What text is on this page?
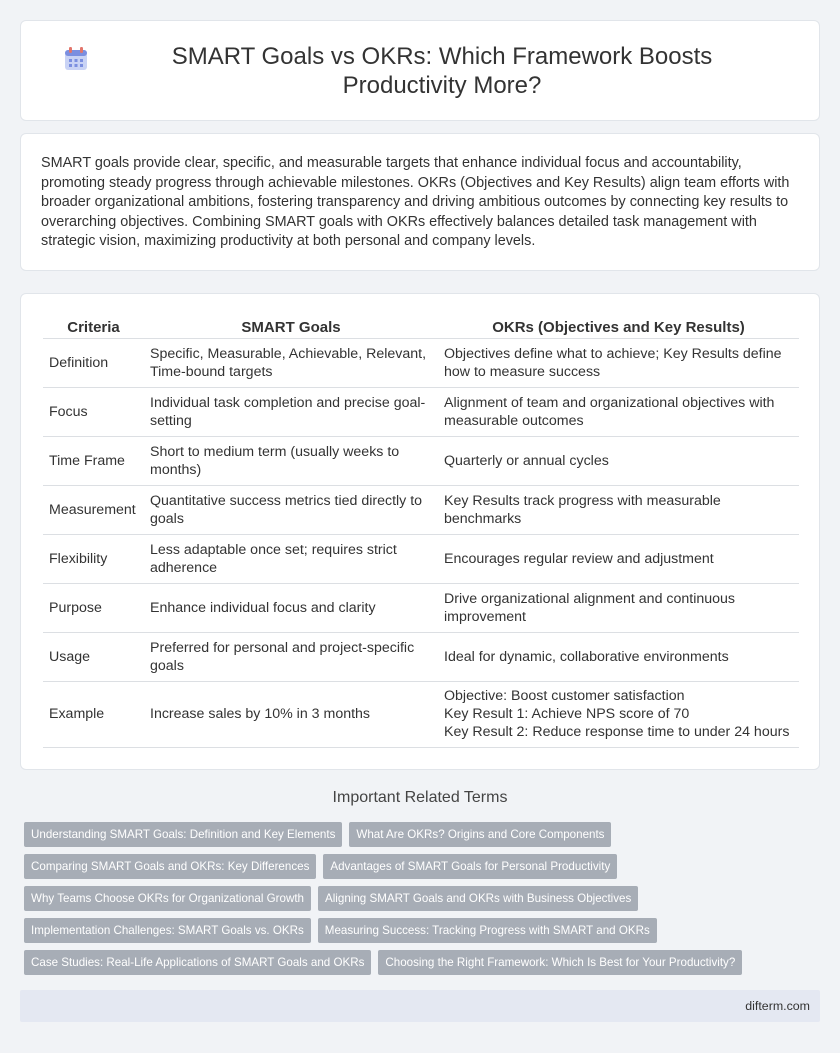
SMART Goals vs OKRs: Which Framework Boosts Productivity More?

SMART goals provide clear, specific, and measurable targets that enhance individual focus and accountability, promoting steady progress through achievable milestones. OKRs (Objectives and Key Results) align team efforts with broader organizational ambitions, fostering transparency and driving ambitious outcomes by connecting key results to overarching objectives. Combining SMART goals with OKRs effectively balances detailed task management with strategic vision, maximizing productivity at both personal and company levels.

Criteria	SMART Goals	OKRs (Objectives and Key Results)
Definition	Specific, Measurable, Achievable, Relevant, Time-bound targets	Objectives define what to achieve; Key Results define how to measure success
Focus	Individual task completion and precise goal-setting	Alignment of team and organizational objectives with measurable outcomes
Time Frame	Short to medium term (usually weeks to months)	Quarterly or annual cycles
Measurement	Quantitative success metrics tied directly to goals	Key Results track progress with measurable benchmarks
Flexibility	Less adaptable once set; requires strict adherence	Encourages regular review and adjustment
Purpose	Enhance individual focus and clarity	Drive organizational alignment and continuous improvement
Usage	Preferred for personal and project-specific goals	Ideal for dynamic, collaborative environments
Example	Increase sales by 10% in 3 months	Objective: Boost customer satisfaction
Key Result 1: Achieve NPS score of 70
Key Result 2: Reduce response time to under 24 hours
Important Related Terms
Understanding SMART Goals: Definition and Key Elements	What Are OKRs? Origins and Core Components
Comparing SMART Goals and OKRs: Key Differences	Advantages of SMART Goals for Personal Productivity
Why Teams Choose OKRs for Organizational Growth	Aligning SMART Goals and OKRs with Business Objectives
Implementation Challenges: SMART Goals vs. OKRs	Measuring Success: Tracking Progress with SMART and OKRs
Case Studies: Real-Life Applications of SMART Goals and OKRs	Choosing the Right Framework: Which Is Best for Your Productivity?
difterm.com
